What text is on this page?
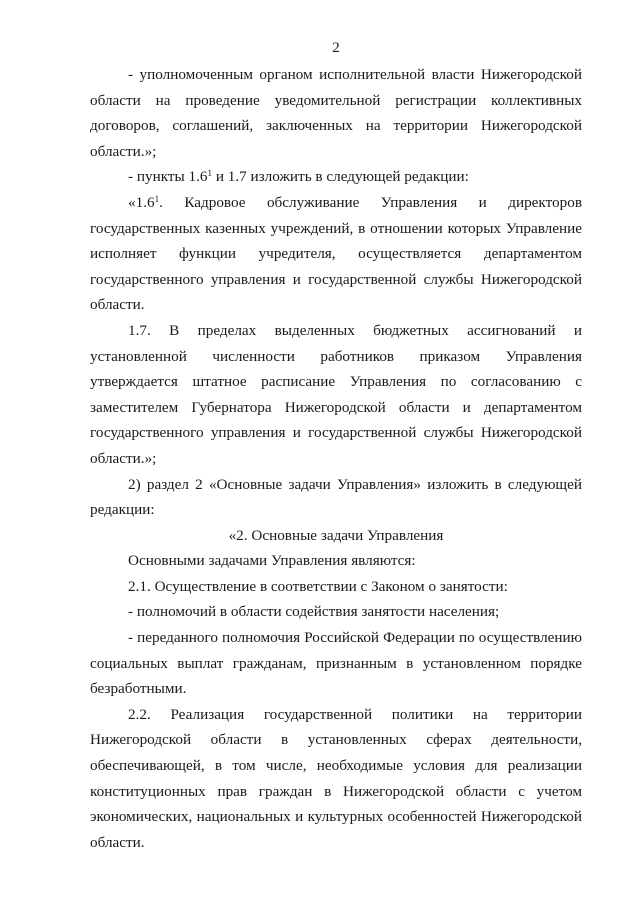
2

- уполномоченным органом исполнительной власти Нижегородской области на проведение уведомительной регистрации коллективных договоров, соглашений, заключенных на территории Нижегородской области.»;

- пункты $1.6^1$ и 1.7 изложить в следующей редакции:

«$1.6^1$. Кадровое обслуживание Управления и директоров государственных казенных учреждений, в отношении которых Управление исполняет функции учредителя, осуществляется департаментом государственного управления и государственной службы Нижегородской области.

1.7. В пределах выделенных бюджетных ассигнований и установленной численности работников приказом Управления утверждается штатное расписание Управления по согласованию с заместителем Губернатора Нижегородской области и департаментом государственного управления и государственной службы Нижегородской области.»;

2) раздел 2 «Основные задачи Управления» изложить в следующей редакции:

«2. Основные задачи Управления

Основными задачами Управления являются:

2.1. Осуществление в соответствии с Законом о занятости:

- полномочий в области содействия занятости населения;

- переданного полномочия Российской Федерации по осуществлению социальных выплат гражданам, признанным в установленном порядке безработными.

2.2. Реализация государственной политики на территории Нижегородской области в установленных сферах деятельности, обеспечивающей, в том числе, необходимые условия для реализации конституционных прав граждан в Нижегородской области с учетом экономических, национальных и культурных особенностей Нижегородской области.
